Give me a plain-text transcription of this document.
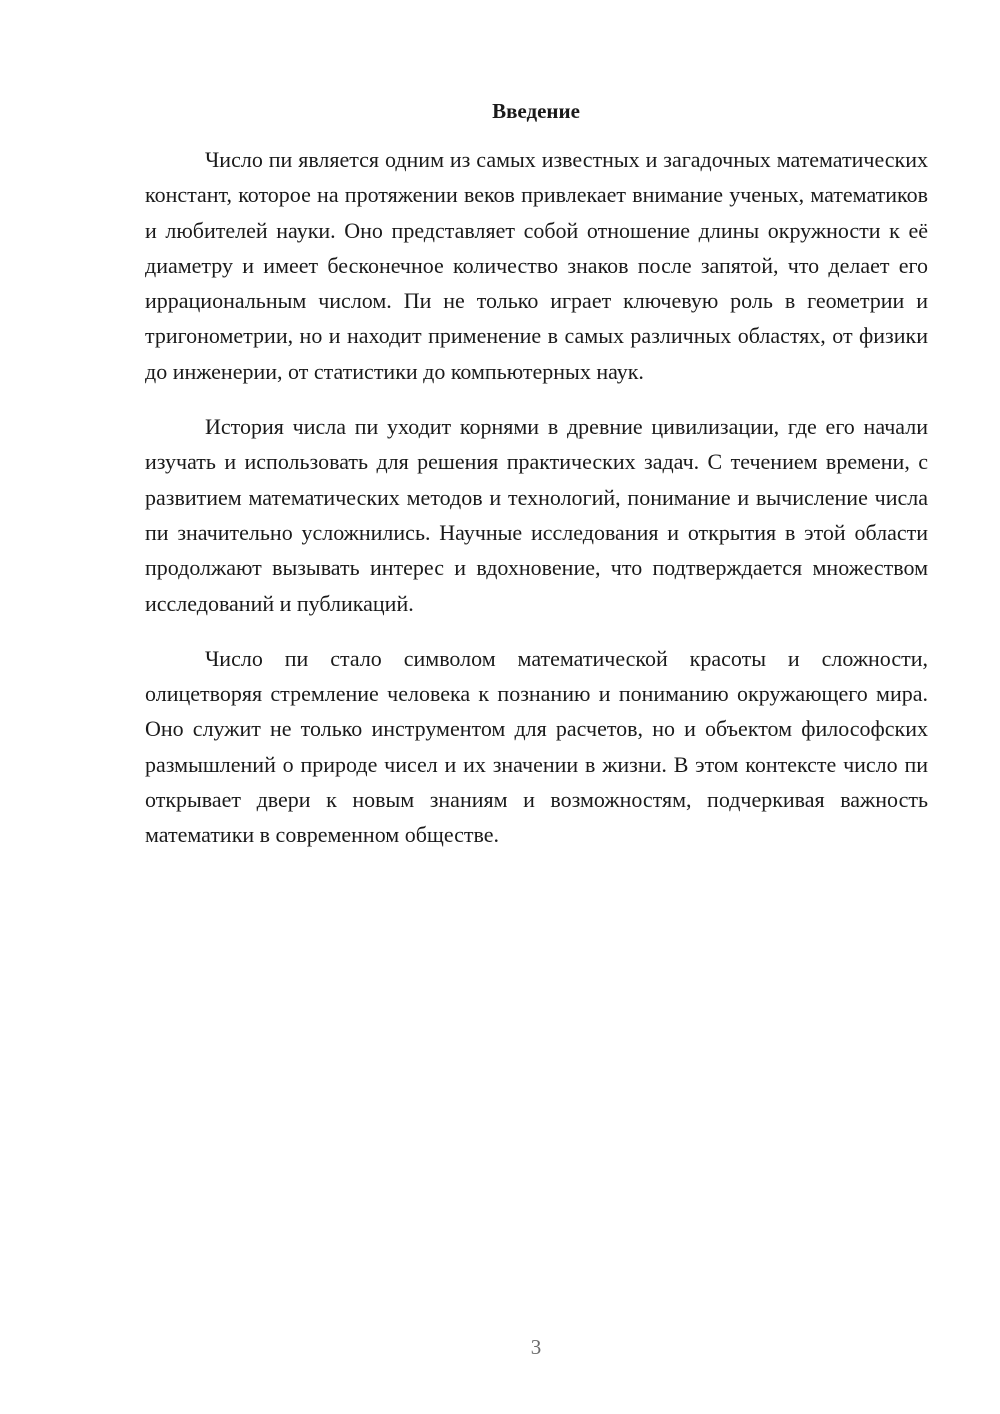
Введение

Число пи является одним из самых известных и загадочных математических констант, которое на протяжении веков привлекает внимание ученых, математиков и любителей науки. Оно представляет собой отношение длины окружности к её диаметру и имеет бесконечное количество знаков после запятой, что делает его иррациональным числом. Пи не только играет ключевую роль в геометрии и тригонометрии, но и находит применение в самых различных областях, от физики до инженерии, от статистики до компьютерных наук.

История числа пи уходит корнями в древние цивилизации, где его начали изучать и использовать для решения практических задач. С течением времени, с развитием математических методов и технологий, понимание и вычисление числа пи значительно усложнились. Научные исследования и открытия в этой области продолжают вызывать интерес и вдохновение, что подтверждается множеством исследований и публикаций.

Число пи стало символом математической красоты и сложности, олицетворяя стремление человека к познанию и пониманию окружающего мира. Оно служит не только инструментом для расчетов, но и объектом философских размышлений о природе чисел и их значении в жизни. В этом контексте число пи открывает двери к новым знаниям и возможностям, подчеркивая важность математики в современном обществе.

3
